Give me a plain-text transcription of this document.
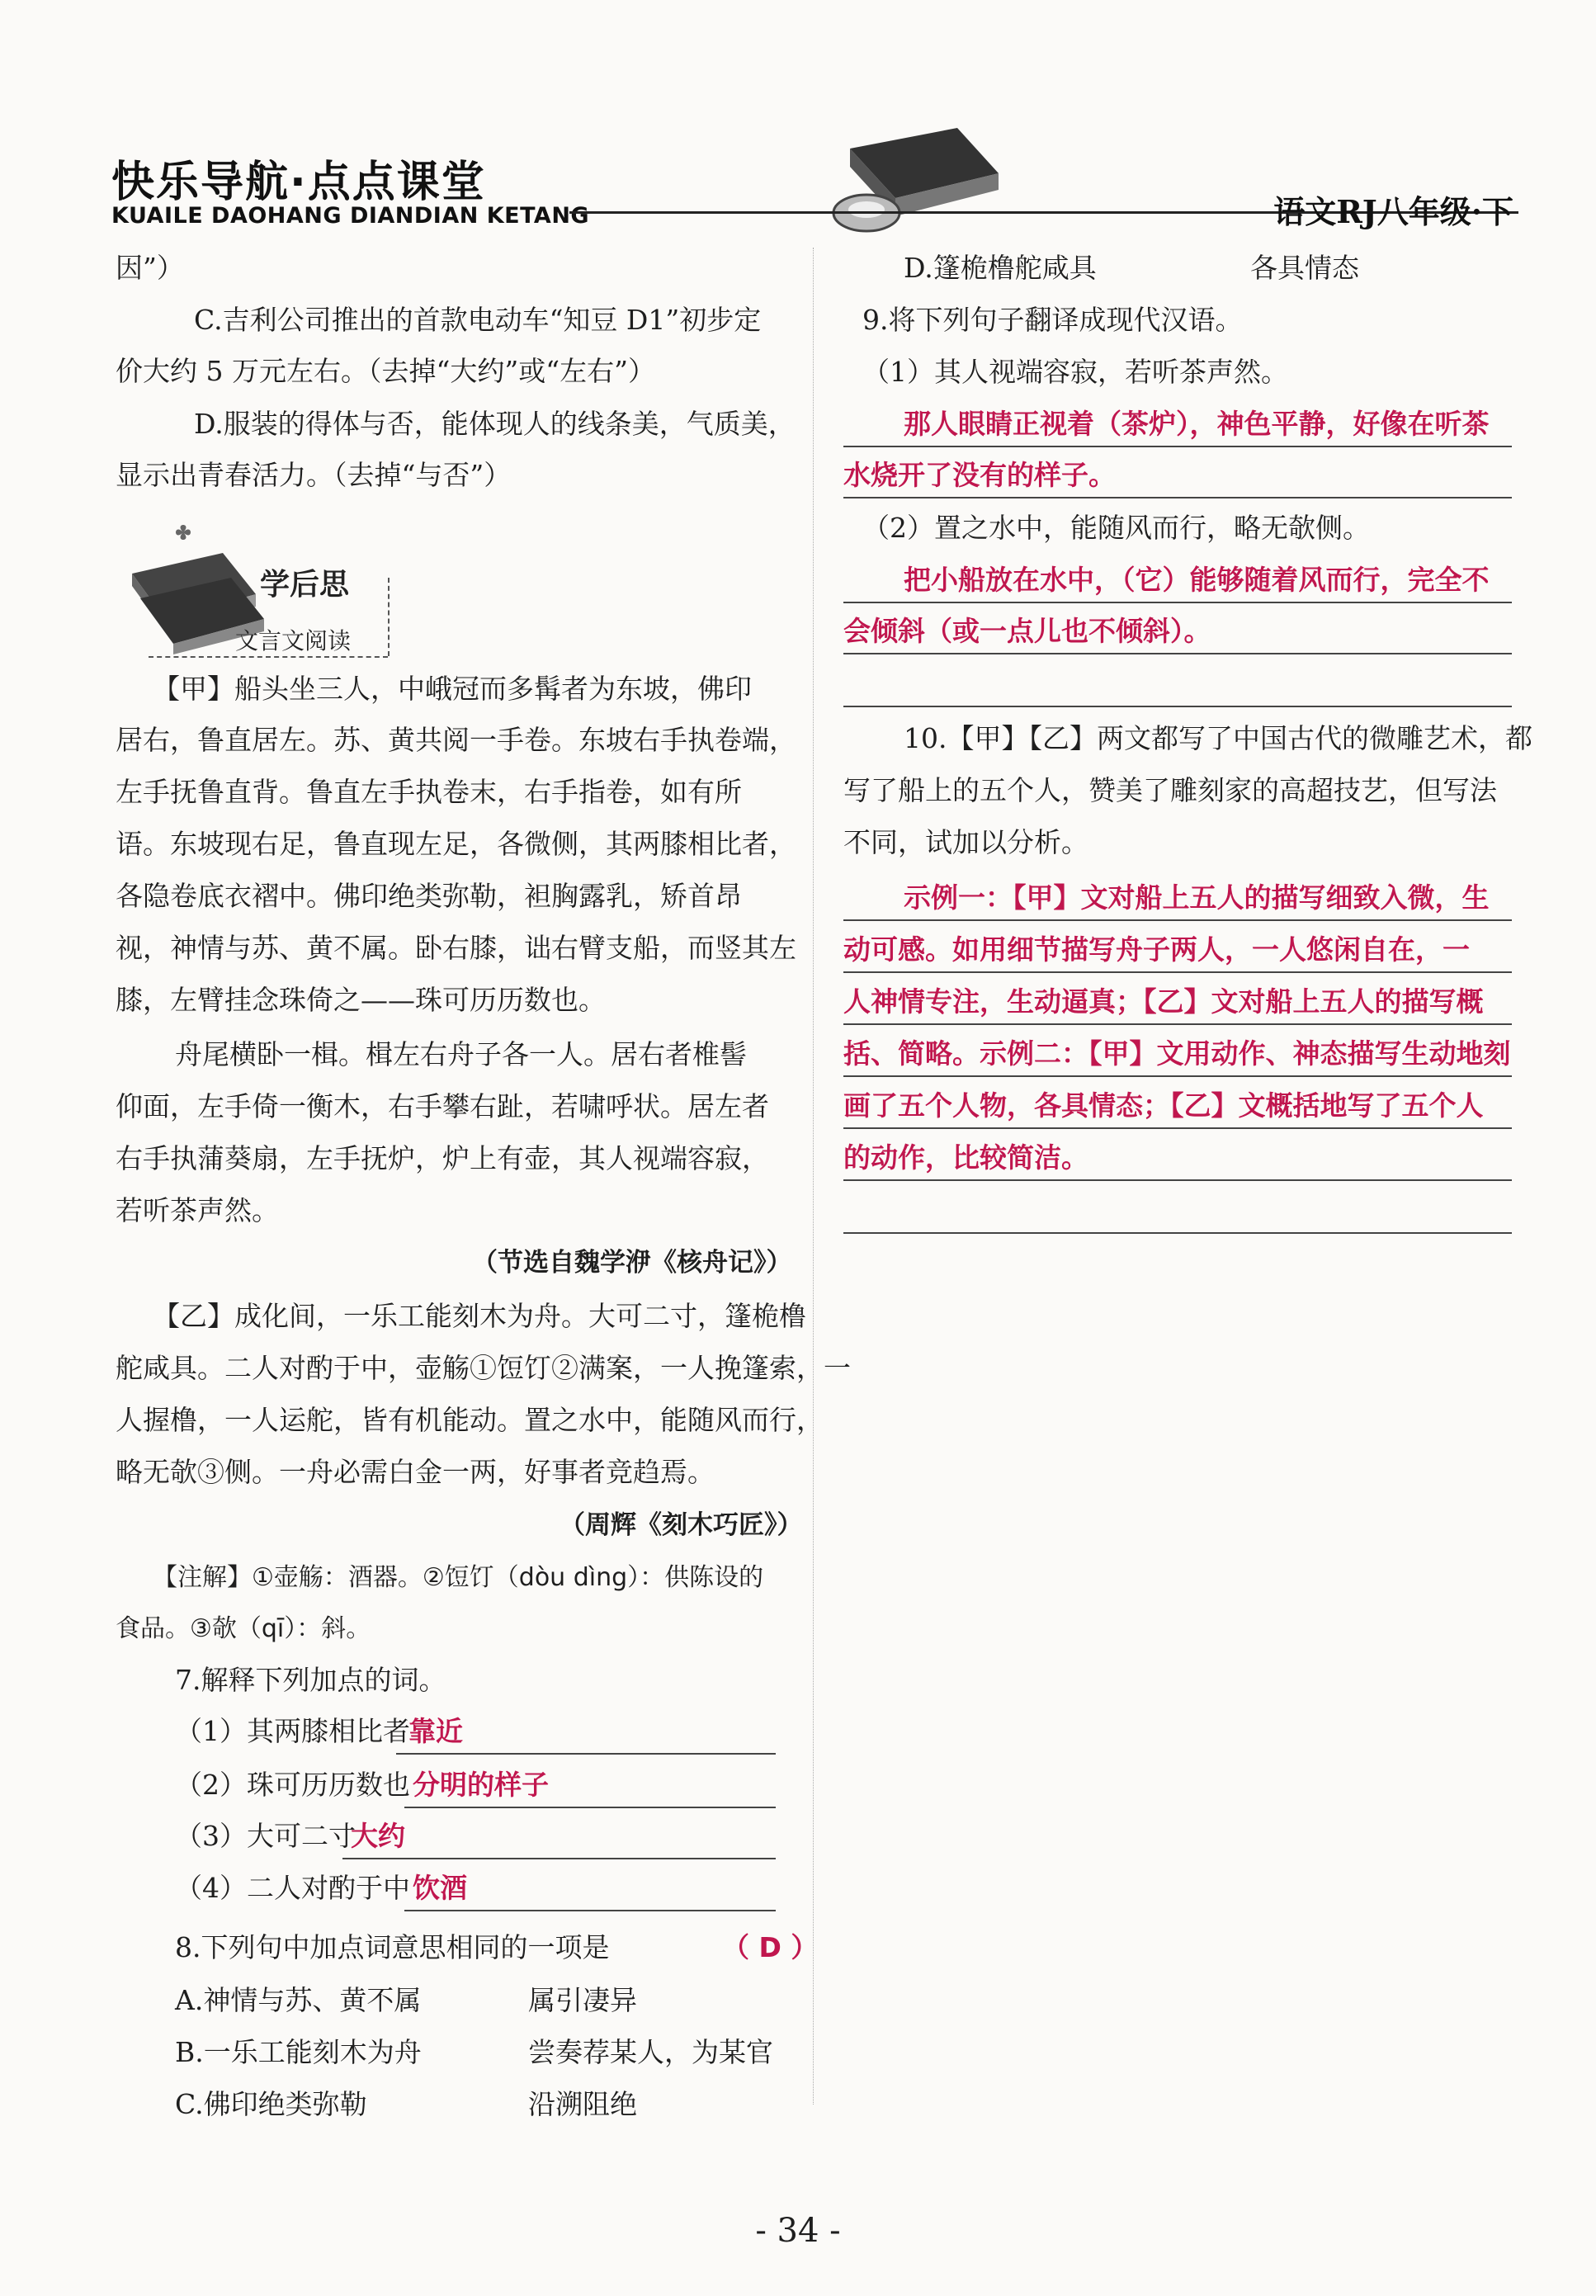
快乐导航·点点课堂
KUAILE DAOHANG DIANDIAN KETANG	语文RJ八年级·下
因”）
C.吉利公司推出的首款电动车“知豆 D1”初步定
价大约 5 万元左右。（去掉“大约”或“左右”）
D.服装的得体与否，能体现人的线条美，气质美，
显示出青春活力。（去掉“与否”）
学后思
文言文阅读
【甲】船头坐三人，中峨冠而多髯者为东坡，佛印
居右，鲁直居左。苏、黄共阅一手卷。东坡右手执卷端，
左手抚鲁直背。鲁直左手执卷末，右手指卷，如有所
语。东坡现右足，鲁直现左足，各微侧，其两膝相比者，
各隐卷底衣褶中。佛印绝类弥勒，袒胸露乳，矫首昂
视，神情与苏、黄不属。卧右膝，诎右臂支船，而竖其左
膝，左臂挂念珠倚之——珠可历历数也。
舟尾横卧一楫。楫左右舟子各一人。居右者椎髻
仰面，左手倚一衡木，右手攀右趾，若啸呼状。居左者
右手执蒲葵扇，左手抚炉，炉上有壶，其人视端容寂，
若听茶声然。
（节选自魏学洢《核舟记》）
【乙】成化间，一乐工能刻木为舟。大可二寸，篷桅橹
舵咸具。二人对酌于中，壶觞①饾饤②满案，一人挽篷索，一
人握橹，一人运舵，皆有机能动。置之水中，能随风而行，
略无欹③侧。一舟必需白金一两，好事者竞趋焉。
（周辉《刻木巧匠》）
【注解】①壶觞：酒器。②饾饤（dòu dìng）：供陈设的
食品。③欹（qī）：斜。
7.解释下列加点的词。
（1）其两膝相比者
靠近
（2）珠可历历数也 分明的样子
（3）大可二寸
大约
（4）二人对酌于中 饮酒
8.下列句中加点词意思相同的一项是	（ D ）
A.神情与苏、黄不属	属引凄异
B.一乐工能刻木为舟	尝奏荐某人，为某官
C.佛印绝类弥勒	沿溯阻绝
D.篷桅橹舵咸具	各具情态
9.将下列句子翻译成现代汉语。
（1）其人视端容寂，若听茶声然。
那人眼睛正视着（茶炉），神色平静，好像在听茶
水烧开了没有的样子。
（2）置之水中，能随风而行，略无欹侧。
把小船放在水中，（它）能够随着风而行，完全不
会倾斜（或一点儿也不倾斜）。
10.【甲】【乙】两文都写了中国古代的微雕艺术，都
写了船上的五个人，赞美了雕刻家的高超技艺，但写法
不同，试加以分析。
示例一：【甲】文对船上五人的描写细致入微，生
动可感。如用细节描写舟子两人，一人悠闲自在，一
人神情专注，生动逼真；【乙】文对船上五人的描写概
括、简略。示例二：【甲】文用动作、神态描写生动地刻
画了五个人物，各具情态；【乙】文概括地写了五个人
的动作，比较简洁。
- 34 -
